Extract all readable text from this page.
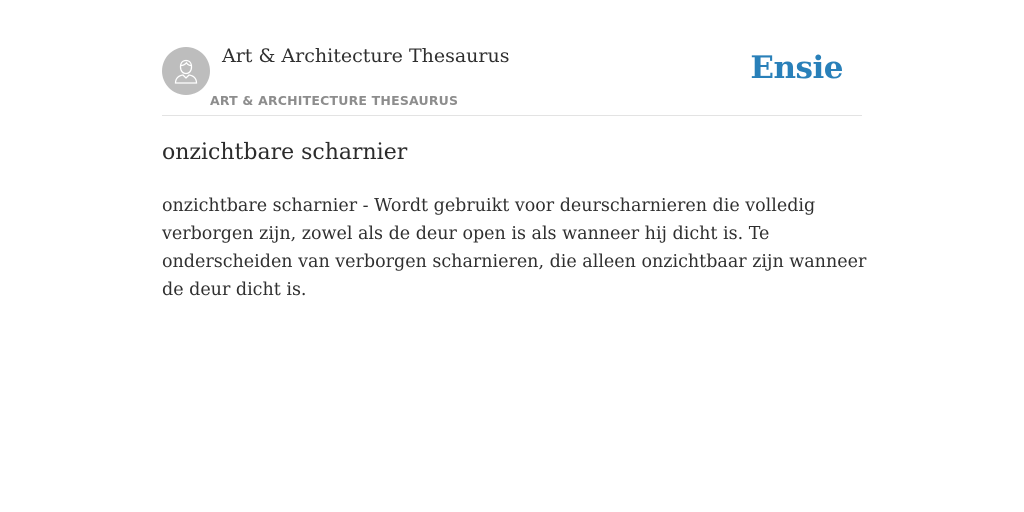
Art & Architecture Thesaurus
ART & ARCHITECTURE THESAURUS
Ensie
onzichtbare scharnier

onzichtbare scharnier - Wordt gebruikt voor deurscharnieren die volledig verborgen zijn, zowel als de deur open is als wanneer hij dicht is. Te onderscheiden van verborgen scharnieren, die alleen onzichtbaar zijn wanneer de deur dicht is.
